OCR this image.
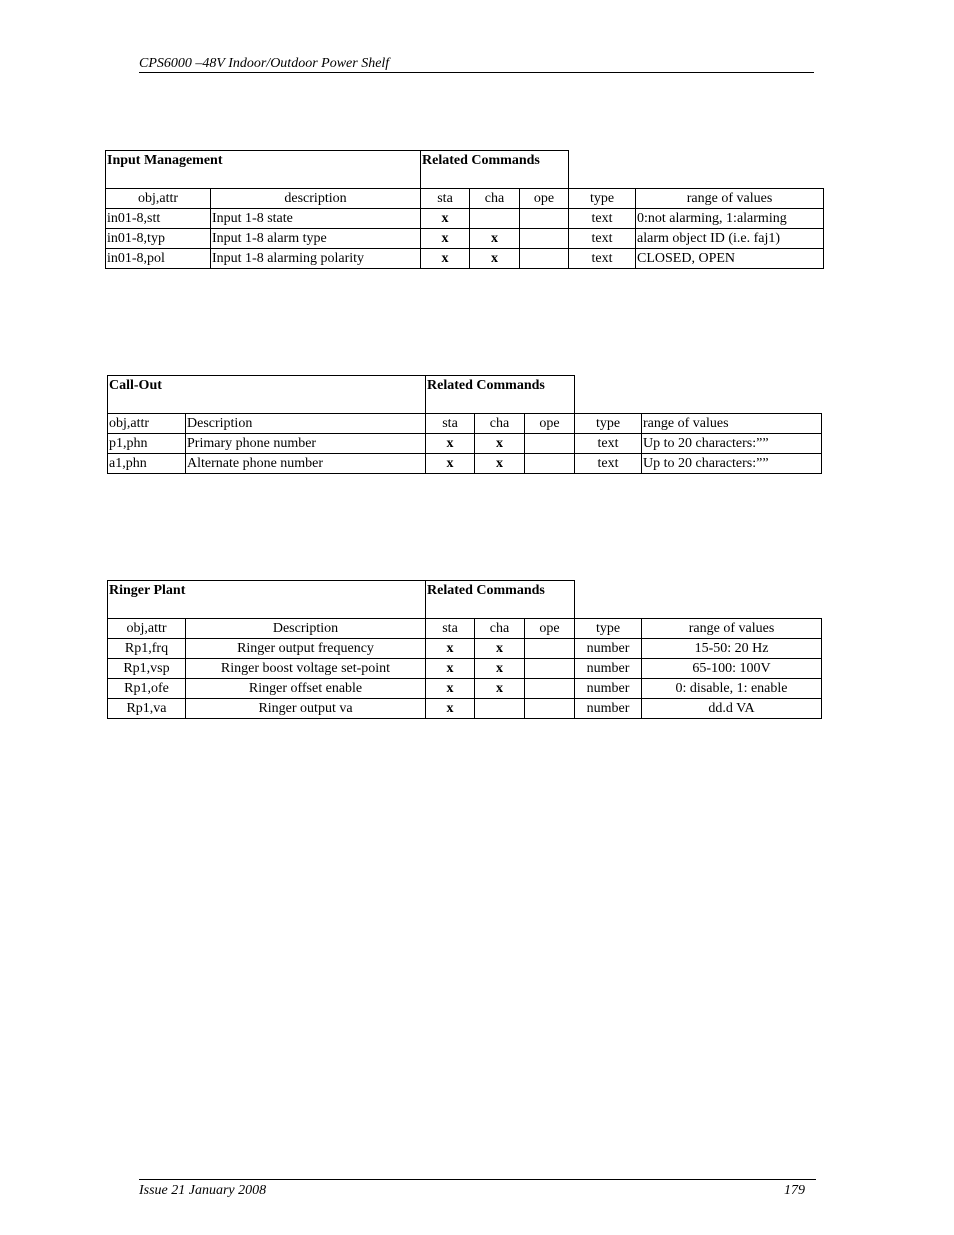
CPS6000 –48V Indoor/Outdoor Power Shelf
Input Management		Related Commands				
obj,attr	description	sta	cha	ope	type	range of values
in01-8,stt	Input 1-8 state	x			text	0:not alarming, 1:alarming
in01-8,typ	Input 1-8 alarm type	x	x		text	alarm object ID (i.e. faj1)
in01-8,pol	Input 1-8 alarming polarity	x	x		text	CLOSED, OPEN
Call-Out		Related Commands				
obj,attr	Description	sta	cha	ope	type	range of values
p1,phn	Primary phone number	x	x		text	Up to 20 characters:””
a1,phn	Alternate phone number	x	x		text	Up to 20 characters:””
Ringer Plant		Related Commands				
obj,attr	Description	sta	cha	ope	type	range of values
Rp1,frq	Ringer output frequency	x	x		number	15-50: 20 Hz
Rp1,vsp	Ringer boost voltage set-point	x	x		number	65-100: 100V
Rp1,ofe	Ringer offset enable	x	x		number	0: disable, 1: enable
Rp1,va	Ringer output va	x			number	dd.d VA
Issue 21 January 2008	179
